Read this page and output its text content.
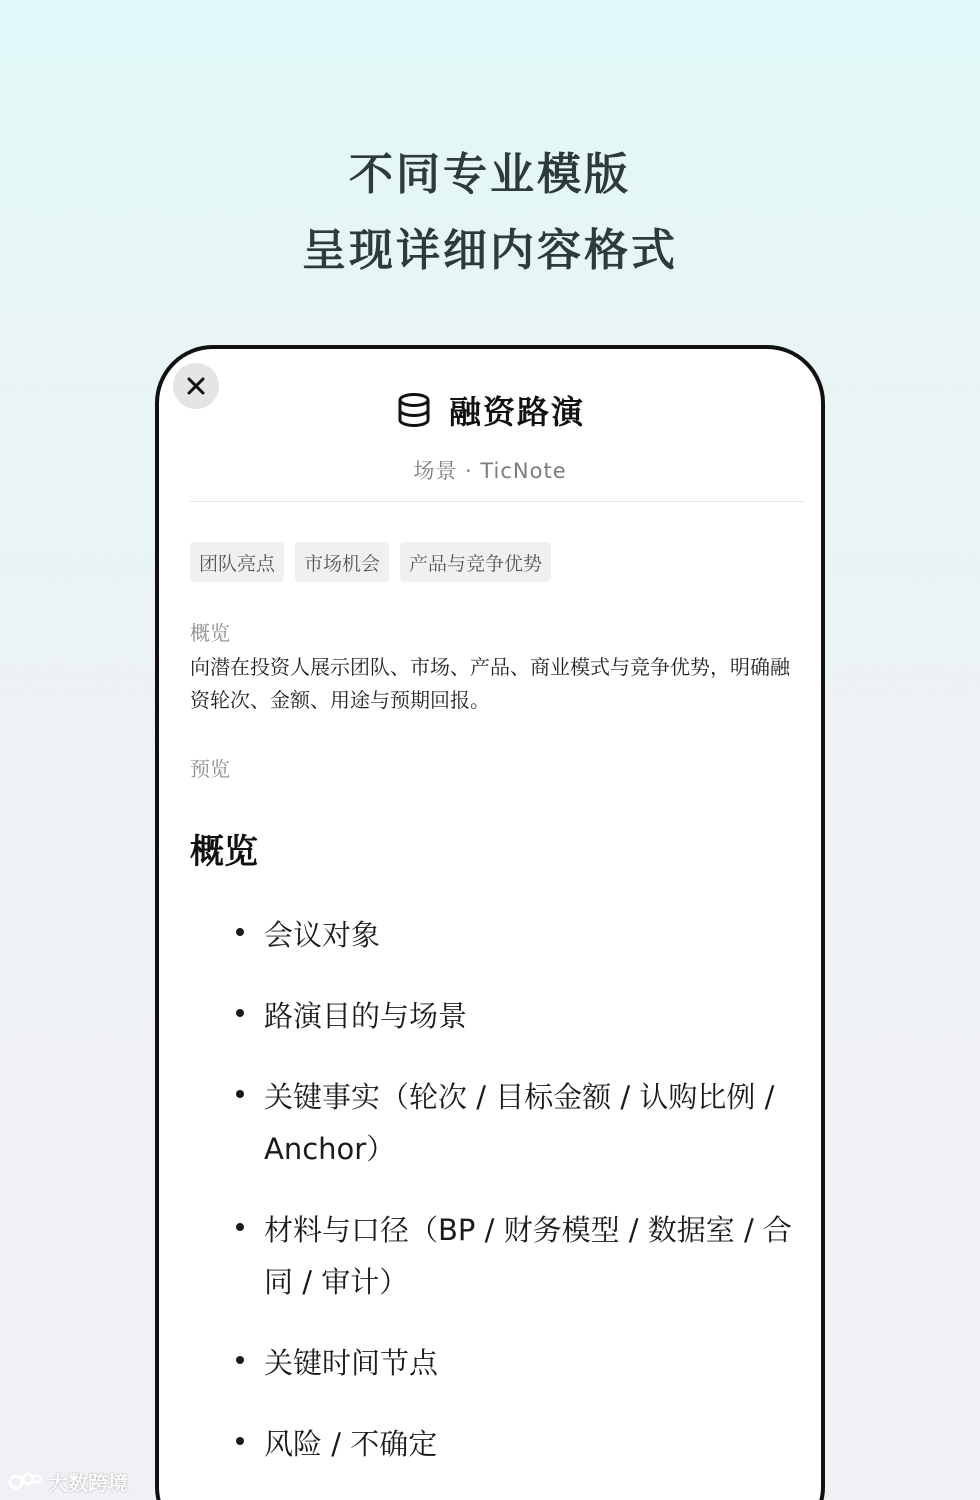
不同专业模版
呈现详细内容格式
融资路演
场景 · TicNote
团队亮点	市场机会	产品与竞争优势
概览
向潜在投资人展示团队、市场、产品、商业模式与竞争优势，明确融资轮次、金额、用途与预期回报。
预览
概览
会议对象
路演目的与场景
关键事实（轮次 / 目标金额 / 认购比例 / Anchor）
材料与口径（BP / 财务模型 / 数据室 / 合同 / 审计）
关键时间节点
风险 / 不确定
大数跨境
